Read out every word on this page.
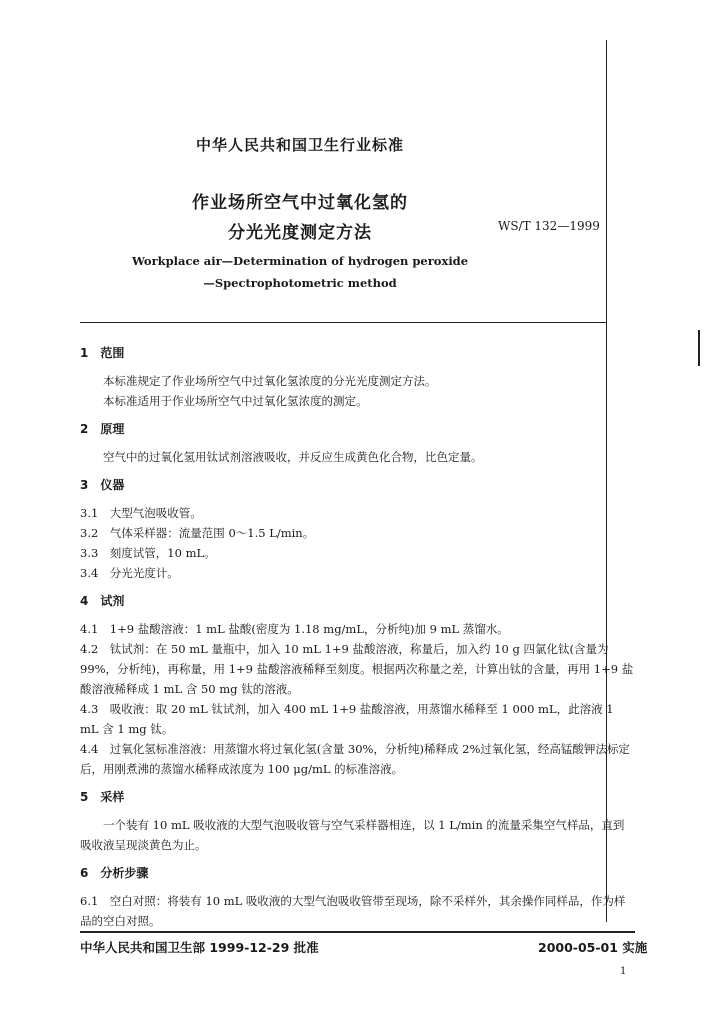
中华人民共和国卫生行业标准
作业场所空气中过氧化氢的
分光光度测定方法	WS/T 132—1999
Workplace air—Determination of hydrogen peroxide
—Spectrophotometric method

1　范围

本标准规定了作业场所空气中过氧化氢浓度的分光光度测定方法。

本标准适用于作业场所空气中过氧化氢浓度的测定。

2　原理

空气中的过氧化氢用钛试剂溶液吸收，并反应生成黄色化合物，比色定量。

3　仪器

3.1　大型气泡吸收管。

3.2　气体采样器：流量范围 0～1.5 L/min。

3.3　刻度试管，10 mL。

3.4　分光光度计。

4　试剂

4.1　1+9 盐酸溶液：1 mL 盐酸(密度为 1.18 mg/mL，分析纯)加 9 mL 蒸馏水。

4.2　钛试剂：在 50 mL 量瓶中，加入 10 mL 1+9 盐酸溶液，称量后，加入约 10 g 四氯化钛(含量为 99%，分析纯)，再称量，用 1+9 盐酸溶液稀释至刻度。根据两次称量之差，计算出钛的含量，再用 1+9 盐酸溶液稀释成 1 mL 含 50 mg 钛的溶液。

4.3　吸收液：取 20 mL 钛试剂，加入 400 mL 1+9 盐酸溶液，用蒸馏水稀释至 1 000 mL，此溶液 1 mL 含 1 mg 钛。

4.4　过氧化氢标准溶液：用蒸馏水将过氧化氢(含量 30%，分析纯)稀释成 2%过氧化氢，经高锰酸钾法标定后，用刚煮沸的蒸馏水稀释成浓度为 100 μg/mL 的标准溶液。

5　采样

一个装有 10 mL 吸收液的大型气泡吸收管与空气采样器相连，以 1 L/min 的流量采集空气样品，直到吸收液呈现淡黄色为止。

6　分析步骤

6.1　空白对照：将装有 10 mL 吸收液的大型气泡吸收管带至现场，除不采样外，其余操作同样品，作为样品的空白对照。

中华人民共和国卫生部 1999-12-29 批准	2000-05-01 实施
1
